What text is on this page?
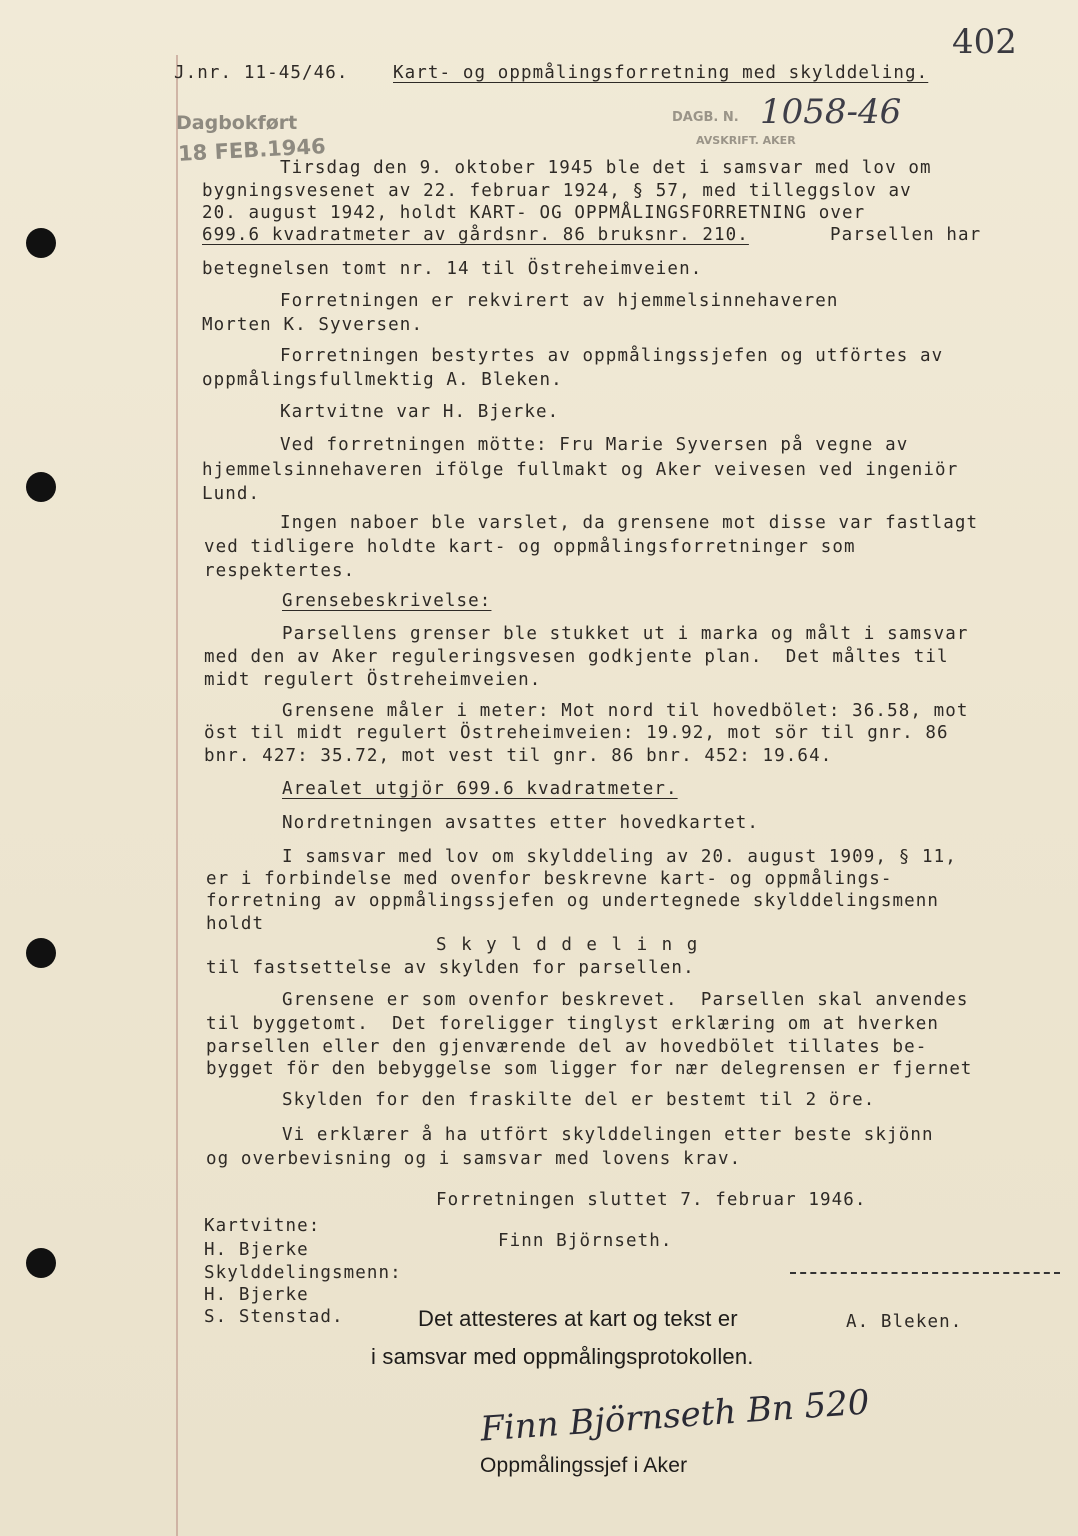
402
J.nr. 11-45/46.	Kart- og oppmålingsforretning med skylddeling.
Dagbokført
18 FEB.1946
DAGB. N. 1058-46
AVSKRIFT. AKER
Tirsdag den 9. oktober 1945 ble det i samsvar med lov om
bygningsvesenet av 22. februar 1924, § 57, med tilleggslov av
20. august 1942, holdt KART- OG OPPMÅLINGSFORRETNING over
699.6 kvadratmeter av gårdsnr. 86 bruksnr. 210.	Parsellen har
betegnelsen tomt nr. 14 til Östreheimveien.
Forretningen er rekvirert av hjemmelsinnehaveren
Morten K. Syversen.
Forretningen bestyrtes av oppmålingssjefen og utförtes av
oppmålingsfullmektig A. Bleken.
Kartvitne var H. Bjerke.
Ved forretningen mötte: Fru Marie Syversen på vegne av
hjemmelsinnehaveren ifölge fullmakt og Aker veivesen ved ingeniör
Lund.
Ingen naboer ble varslet, da grensene mot disse var fastlagt
ved tidligere holdte kart- og oppmålingsforretninger som
respektertes.
Grensebeskrivelse:
Parsellens grenser ble stukket ut i marka og målt i samsvar
med den av Aker reguleringsvesen godkjente plan.  Det måltes til
midt regulert Östreheimveien.
Grensene måler i meter: Mot nord til hovedbölet: 36.58, mot
öst til midt regulert Östreheimveien: 19.92, mot sör til gnr. 86
bnr. 427: 35.72, mot vest til gnr. 86 bnr. 452: 19.64.
Arealet utgjör 699.6 kvadratmeter.
Nordretningen avsattes etter hovedkartet.
I samsvar med lov om skylddeling av 20. august 1909, § 11,
er i forbindelse med ovenfor beskrevne kart- og oppmålings-
forretning av oppmålingssjefen og undertegnede skylddelingsmenn
holdt
S k y l d d e l i n g
til fastsettelse av skylden for parsellen.
Grensene er som ovenfor beskrevet.  Parsellen skal anvendes
til byggetomt.  Det foreligger tinglyst erklæring om at hverken
parsellen eller den gjenværende del av hovedbölet tillates be-
bygget för den bebyggelse som ligger for nær delegrensen er fjernet
Skylden for den fraskilte del er bestemt til 2 öre.
Vi erklærer å ha utfört skylddelingen etter beste skjönn
og overbevisning og i samsvar med lovens krav.
Forretningen sluttet 7. februar 1946.
Kartvitne:
H. Bjerke
Skylddelingsmenn:
H. Bjerke
S. Stenstad.
Finn Björnseth.
A. Bleken.
Det attesteres at kart og tekst er
i samsvar med oppmålingsprotokollen.
Finn Björnseth Bn 520
Oppmålingssjef i Aker
